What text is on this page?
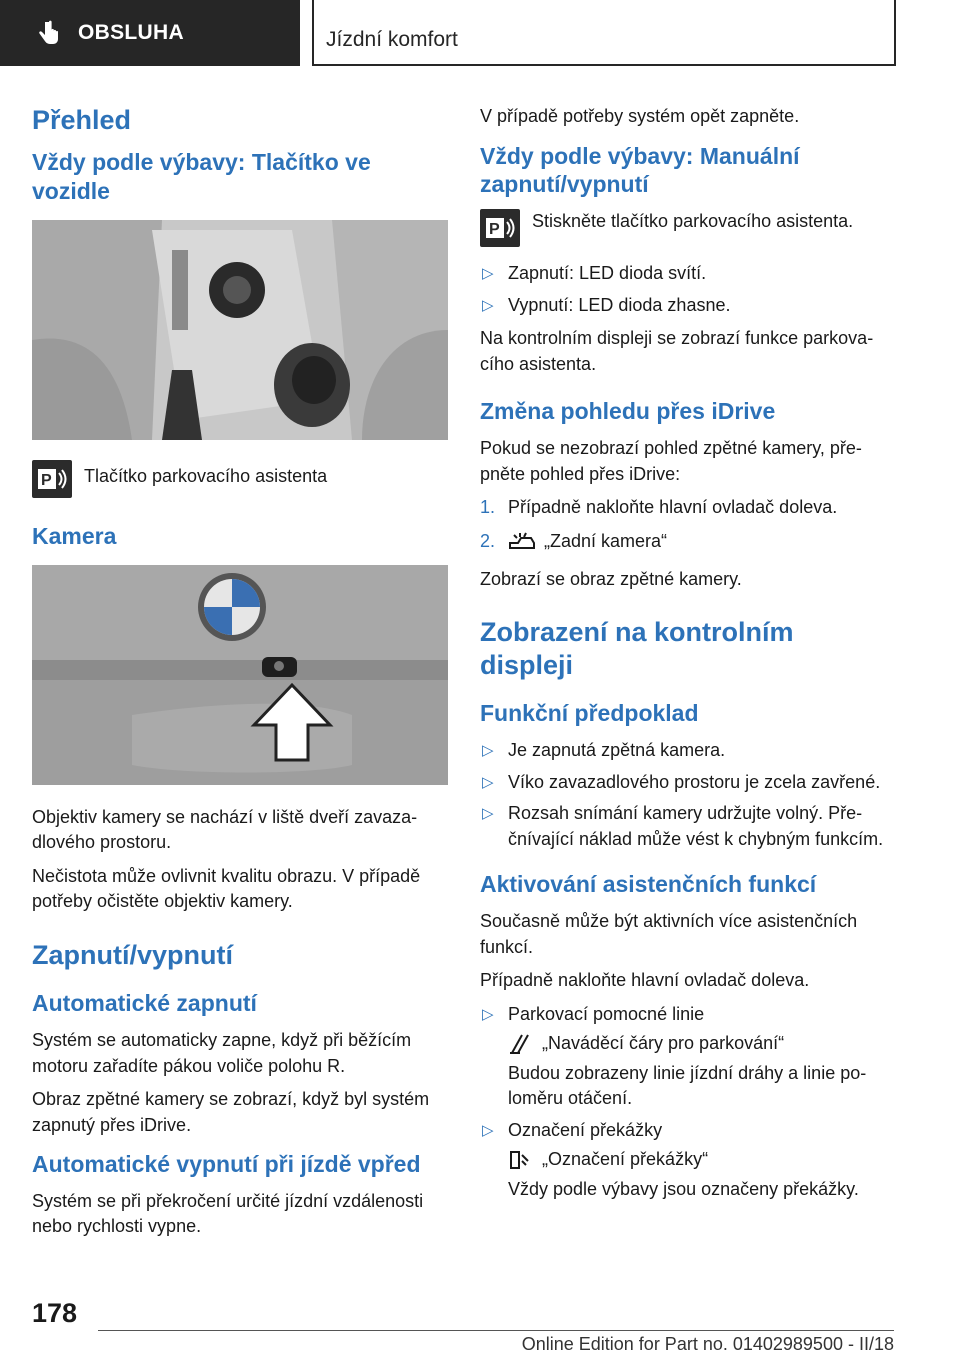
OBSLUHA	Jízdní komfort
Přehled
Vždy podle výbavy: Tlačítko ve vozidle
P Tlačítko parkovacího asistenta

Kamera

Objektiv kamery se nachází v liště dveří zavazadlového prostoru.

Nečistota může ovlivnit kvalitu obrazu. V případě potřeby očistěte objektiv kamery.

Zapnutí/vypnutí
Automatické zapnutí

Systém se automaticky zapne, když při běžícím motoru zařadíte pákou voliče polohu R.

Obraz zpětné kamery se zobrazí, když byl systém zapnutý přes iDrive.

Automatické vypnutí při jízdě vpřed

Systém se při překročení určité jízdní vzdálenosti nebo rychlosti vypne.

V případě potřeby systém opět zapněte.

Vždy podle výbavy: Manuální zapnutí/vypnutí
P Stiskněte tlačítko parkovacího asistenta.

▷ Zapnutí: LED dioda svítí.
▷ Vypnutí: LED dioda zhasne.

Na kontrolním displeji se zobrazí funkce parkovacího asistenta.

Změna pohledu přes iDrive

Pokud se nezobrazí pohled zpětné kamery, přepněte pohled přes iDrive:

1. Případně nakloňte hlavní ovladač doleva.
2.	„Zadní kamera“

Zobrazí se obraz zpětné kamery.

Zobrazení na kontrolním displeji
Funkční předpoklad
▷ Je zapnutá zpětná kamera.
▷ Víko zavazadlového prostoru je zcela zavřené.
▷ Rozsah snímání kamery udržujte volný. Přečnívající náklad může vést k chybným funkcím.
Aktivování asistenčních funkcí

Současně může být aktivních více asistenčních funkcí.

Případně nakloňte hlavní ovladač doleva.

▷ Parkovací pomocné linie
„Naváděcí čáry pro parkování“
Budou zobrazeny linie jízdní dráhy a linie poloměru otáčení.
▷ Označení překážky
„Označení překážky“
Vždy podle výbavy jsou označeny překážky.
178
Online Edition for Part no. 01402989500 - II/18
